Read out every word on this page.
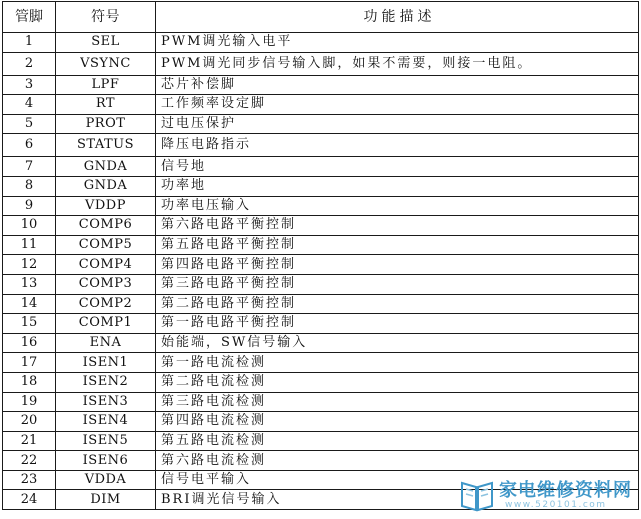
管脚	符号	功能描述
1	SEL	PWM调光输入电平
2	VSYNC	PWM调光同步信号输入脚，如果不需要，则接一电阻。
3	LPF	芯片补偿脚
4	RT	工作频率设定脚
5	PROT	过电压保护
6	STATUS	降压电路指示
7	GNDA	信号地
8	GNDA	功率地
9	VDDP	功率电压输入
10	COMP6	第六路电路平衡控制
11	COMP5	第五路电路平衡控制
12	COMP4	第四路电路平衡控制
13	COMP3	第三路电路平衡控制
14	COMP2	第二路电路平衡控制
15	COMP1	第一路电路平衡控制
16	ENA	始能端，SW信号输入
17	ISEN1	第一路电流检测
18	ISEN2	第二路电流检测
19	ISEN3	第三路电流检测
20	ISEN4	第四路电流检测
21	ISEN5	第五路电流检测
22	ISEN6	第六路电流检测
23	VDDA	信号电平输入
24	DIM	BRI调光信号输入	家电维修资料网
www.520101.com
